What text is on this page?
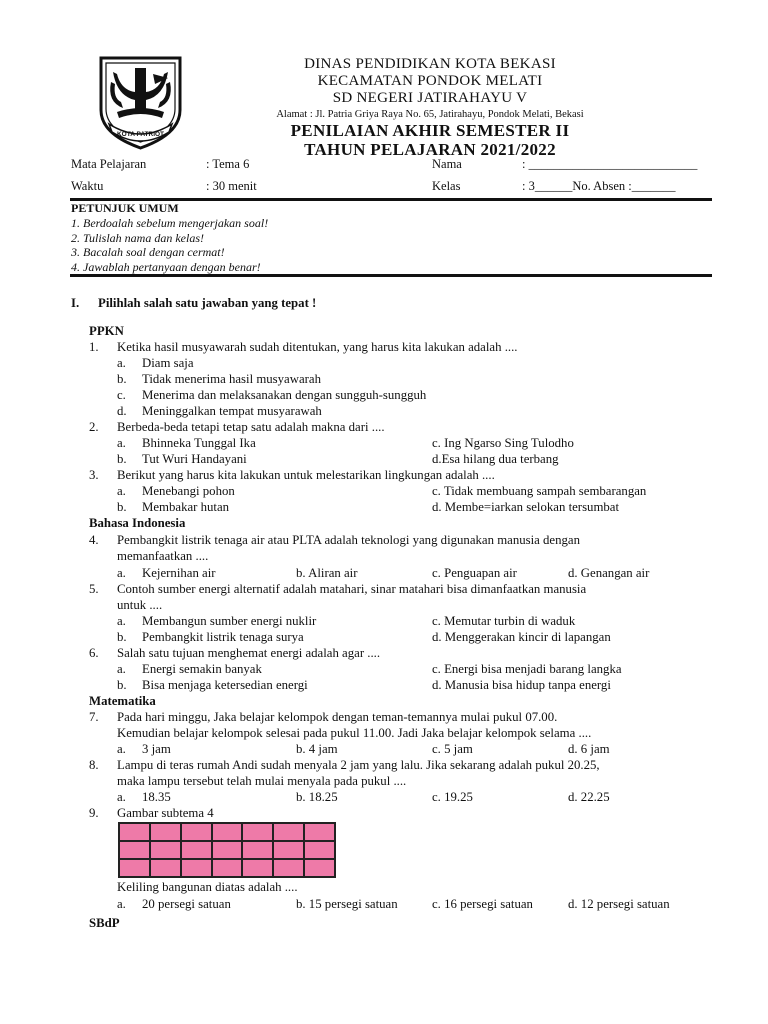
KOTA PATRIOT
DINAS PENDIDIKAN KOTA BEKASI
KECAMATAN PONDOK MELATI
SD NEGERI JATIRAHAYU V
Alamat : Jl. Patria Griya Raya No. 65, Jatirahayu, Pondok Melati, Bekasi
PENILAIAN AKHIR SEMESTER II
TAHUN PELAJARAN 2021/2022
Mata Pelajaran	: Tema 6	Nama	: ___________________________
Waktu	: 30 menit	Kelas	: 3______No. Absen :_______
PETUNJUK UMUM
1. Berdoalah sebelum mengerjakan soal!
2. Tulislah nama dan kelas!
3. Bacalah soal dengan cermat!
4. Jawablah pertanyaan dengan benar!
I. Pilihlah salah satu jawaban yang tepat !
PPKN
1. Ketika hasil musyawarah sudah ditentukan, yang harus kita lakukan adalah ....
a. Diam saja
b. Tidak menerima hasil musyawarah
c. Menerima dan melaksanakan dengan sungguh-sungguh
d. Meninggalkan tempat musyarawah
2. Berbeda-beda tetapi tetap satu adalah makna dari ....
a. Bhinneka Tunggal Ika	c. Ing Ngarso Sing Tulodho
b. Tut Wuri Handayani	d.Esa hilang dua terbang
3. Berikut yang harus kita lakukan untuk melestarikan lingkungan adalah ....
a. Menebangi pohon	c. Tidak membuang sampah sembarangan
b. Membakar hutan	d. Membe=iarkan selokan tersumbat
Bahasa Indonesia
4. Pembangkit listrik tenaga air atau PLTA adalah teknologi yang digunakan manusia dengan
memanfaatkan ....
a. Kejernihan air	b. Aliran air	c. Penguapan air	d. Genangan air
5. Contoh sumber energi alternatif adalah matahari, sinar matahari bisa dimanfaatkan manusia
untuk ....
a. Membangun sumber energi nuklir	c. Memutar turbin di waduk
b. Pembangkit listrik tenaga surya	d. Menggerakan kincir di lapangan
6. Salah satu tujuan menghemat energi adalah agar ....
a. Energi semakin banyak	c. Energi bisa menjadi barang langka
b. Bisa menjaga ketersedian energi	d. Manusia bisa hidup tanpa energi
Matematika
7. Pada hari minggu, Jaka belajar kelompok dengan teman-temannya mulai pukul 07.00.
Kemudian belajar kelompok selesai pada pukul 11.00. Jadi Jaka belajar kelompok selama ....
a. 3 jam	b. 4 jam	c. 5 jam	d. 6 jam
8. Lampu di teras rumah Andi sudah menyala 2 jam yang lalu. Jika sekarang adalah pukul 20.25,
maka lampu tersebut telah mulai menyala pada pukul ....
a. 18.35	b. 18.25	c. 19.25	d. 22.25
9. Gambar subtema 4
Keliling bangunan diatas adalah ....
a. 20 persegi satuan	b. 15 persegi satuan	c. 16 persegi satuan	d. 12 persegi satuan
SBdP
